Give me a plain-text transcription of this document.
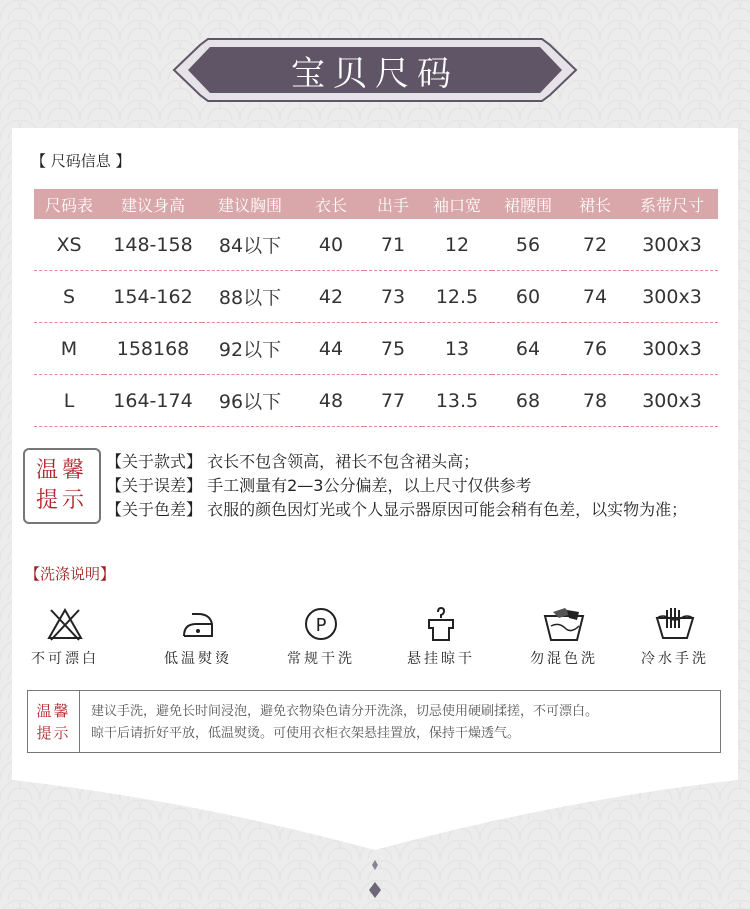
宝贝尺码
【 尺码信息 】
尺码表	建议身高	建议胸围	衣长	出手	袖口宽	裙腰围	裙长	系带尺寸
XS	148-158	84以下	40	71	12	56	72	300x3
S	154-162	88以下	42	73	12.5	60	74	300x3
M	158168	92以下	44	75	13	64	76	300x3
L	164-174	96以下	48	77	13.5	68	78	300x3
温馨
提示
【关于款式】 衣长不包含领高，裙长不包含裙头高；
【关于误差】 手工测量有2—3公分偏差，以上尺寸仅供参考
【关于色差】 衣服的颜色因灯光或个人显示器原因可能会稍有色差，以实物为准；
【洗涤说明】
不可漂白	低温熨烫
P
常规干洗	悬挂晾干	勿混色洗	冷水手洗
温馨
提示
建议手洗，避免长时间浸泡，避免衣物染色请分开洗涤，切忌使用硬刷揉搓，不可漂白。
晾干后请折好平放，低温熨烫。可使用衣柜衣架悬挂置放，保持干燥透气。
